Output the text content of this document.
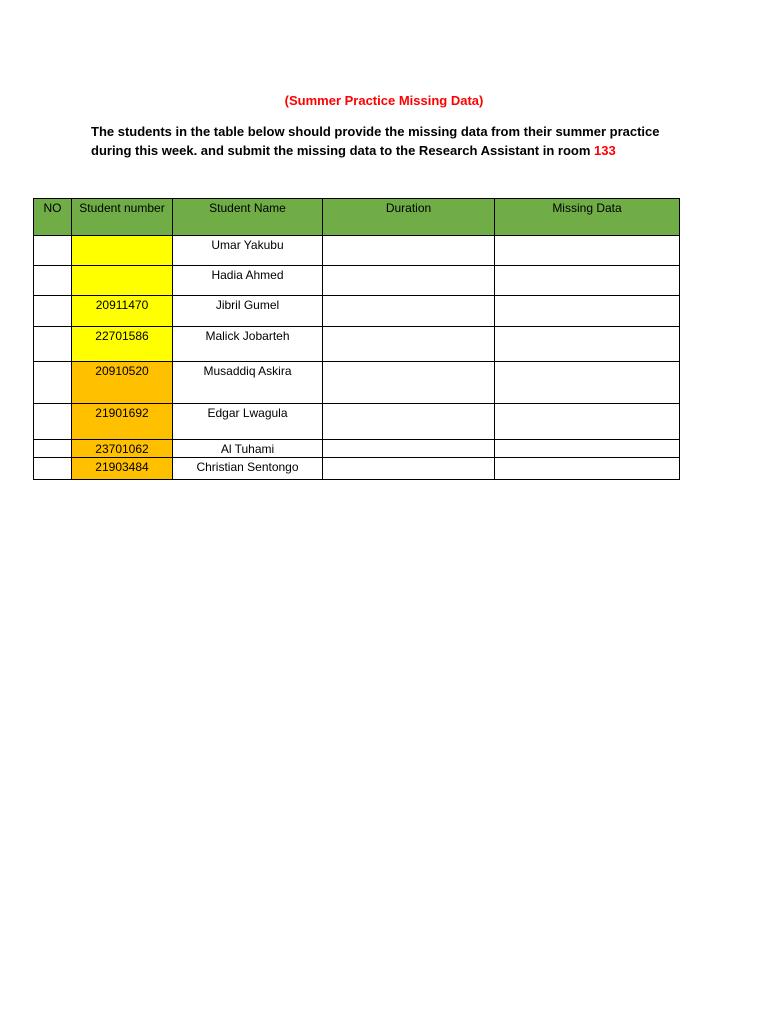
(Summer Practice Missing Data)
The students in the table below should provide the missing data from their summer practice during this week. and submit the missing data to the Research Assistant in room 133
NO	Student number	Student Name	Duration	Missing Data
		Umar Yakubu		
		Hadia Ahmed		
	20911470	Jibril Gumel		
	22701586	Malick Jobarteh		
	20910520	Musaddiq Askira		
	21901692	Edgar Lwagula		
	23701062	Al Tuhami		
	21903484	Christian Sentongo		
